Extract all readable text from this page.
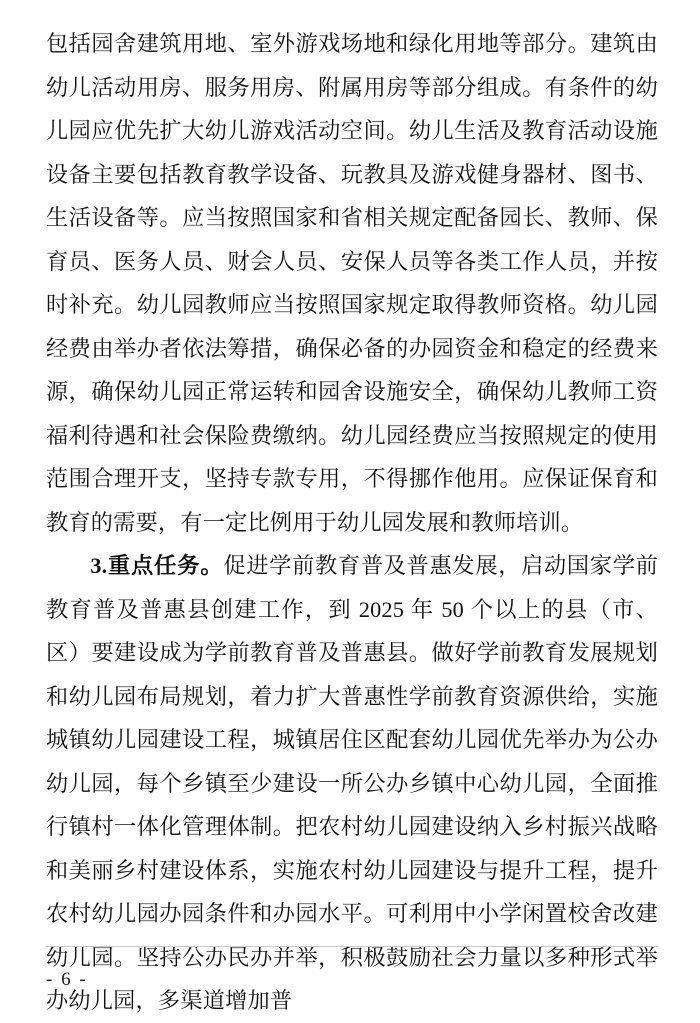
包括园舍建筑用地、室外游戏场地和绿化用地等部分。建筑由幼儿活动用房、服务用房、附属用房等部分组成。有条件的幼儿园应优先扩大幼儿游戏活动空间。幼儿生活及教育活动设施设备主要包括教育教学设备、玩教具及游戏健身器材、图书、生活设备等。应当按照国家和省相关规定配备园长、教师、保育员、医务人员、财会人员、安保人员等各类工作人员，并按时补充。幼儿园教师应当按照国家规定取得教师资格。幼儿园经费由举办者依法筹措，确保必备的办园资金和稳定的经费来源，确保幼儿园正常运转和园舍设施安全，确保幼儿教师工资福利待遇和社会保险费缴纳。幼儿园经费应当按照规定的使用范围合理开支，坚持专款专用，不得挪作他用。应保证保育和教育的需要，有一定比例用于幼儿园发展和教师培训。

3.重点任务。促进学前教育普及普惠发展，启动国家学前教育普及普惠县创建工作，到 2025 年 50 个以上的县（市、区）要建设成为学前教育普及普惠县。做好学前教育发展规划和幼儿园布局规划，着力扩大普惠性学前教育资源供给，实施城镇幼儿园建设工程，城镇居住区配套幼儿园优先举办为公办幼儿园，每个乡镇至少建设一所公办乡镇中心幼儿园，全面推行镇村一体化管理体制。把农村幼儿园建设纳入乡村振兴战略和美丽乡村建设体系，实施农村幼儿园建设与提升工程，提升农村幼儿园办园条件和办园水平。可利用中小学闲置校舍改建幼儿园。坚持公办民办并举，积极鼓励社会力量以多种形式举办幼儿园，多渠道增加普

- 6 -
